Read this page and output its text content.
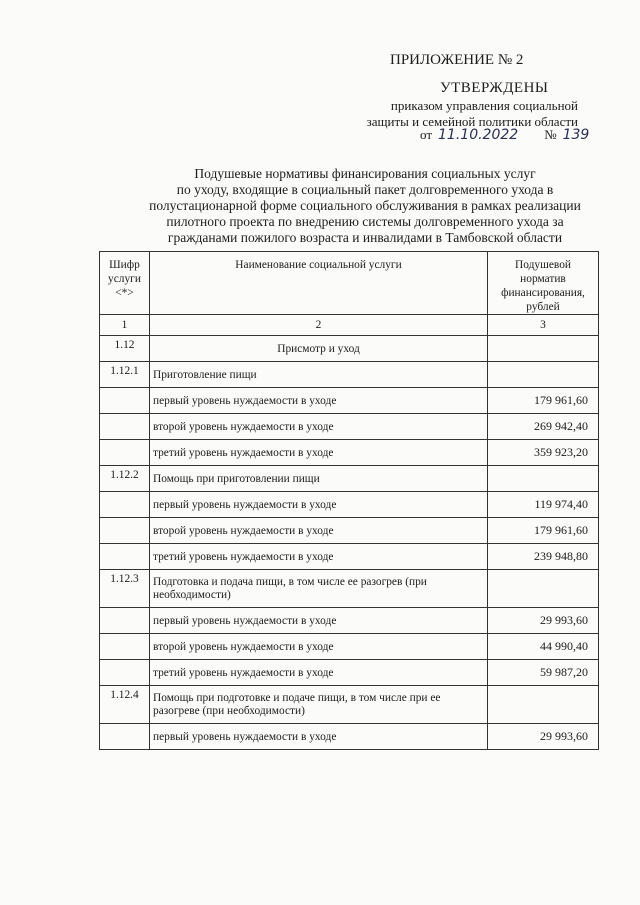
ПРИЛОЖЕНИЕ № 2
УТВЕРЖДЕНЫ
приказом управления социальной
защиты и семейной политики области
от 11.10.2022 № 139
Подушевые нормативы финансирования социальных услуг
по уходу, входящие в социальный пакет долговременного ухода в
полустационарной форме социального обслуживания в рамках реализации
пилотного проекта по внедрению системы долговременного ухода за
гражданами пожилого возраста и инвалидами в Тамбовской области
Шифр услуги <*>	Наименование социальной услуги	Подушевой норматив финансирования, рублей
1	2	3
1.12	Присмотр и уход	
1.12.1	Приготовление пищи	
	первый уровень нуждаемости в уходе	179 961,60
	второй уровень нуждаемости в уходе	269 942,40
	третий уровень нуждаемости в уходе	359 923,20
1.12.2	Помощь при приготовлении пищи	
	первый уровень нуждаемости в уходе	119 974,40
	второй уровень нуждаемости в уходе	179 961,60
	третий уровень нуждаемости в уходе	239 948,80
1.12.3	Подготовка и подача пищи, в том числе ее разогрев (при необходимости)	
	первый уровень нуждаемости в уходе	29 993,60
	второй уровень нуждаемости в уходе	44 990,40
	третий уровень нуждаемости в уходе	59 987,20
1.12.4	Помощь при подготовке и подаче пищи, в том числе при ее разогреве (при необходимости)	
	первый уровень нуждаемости в уходе	29 993,60
